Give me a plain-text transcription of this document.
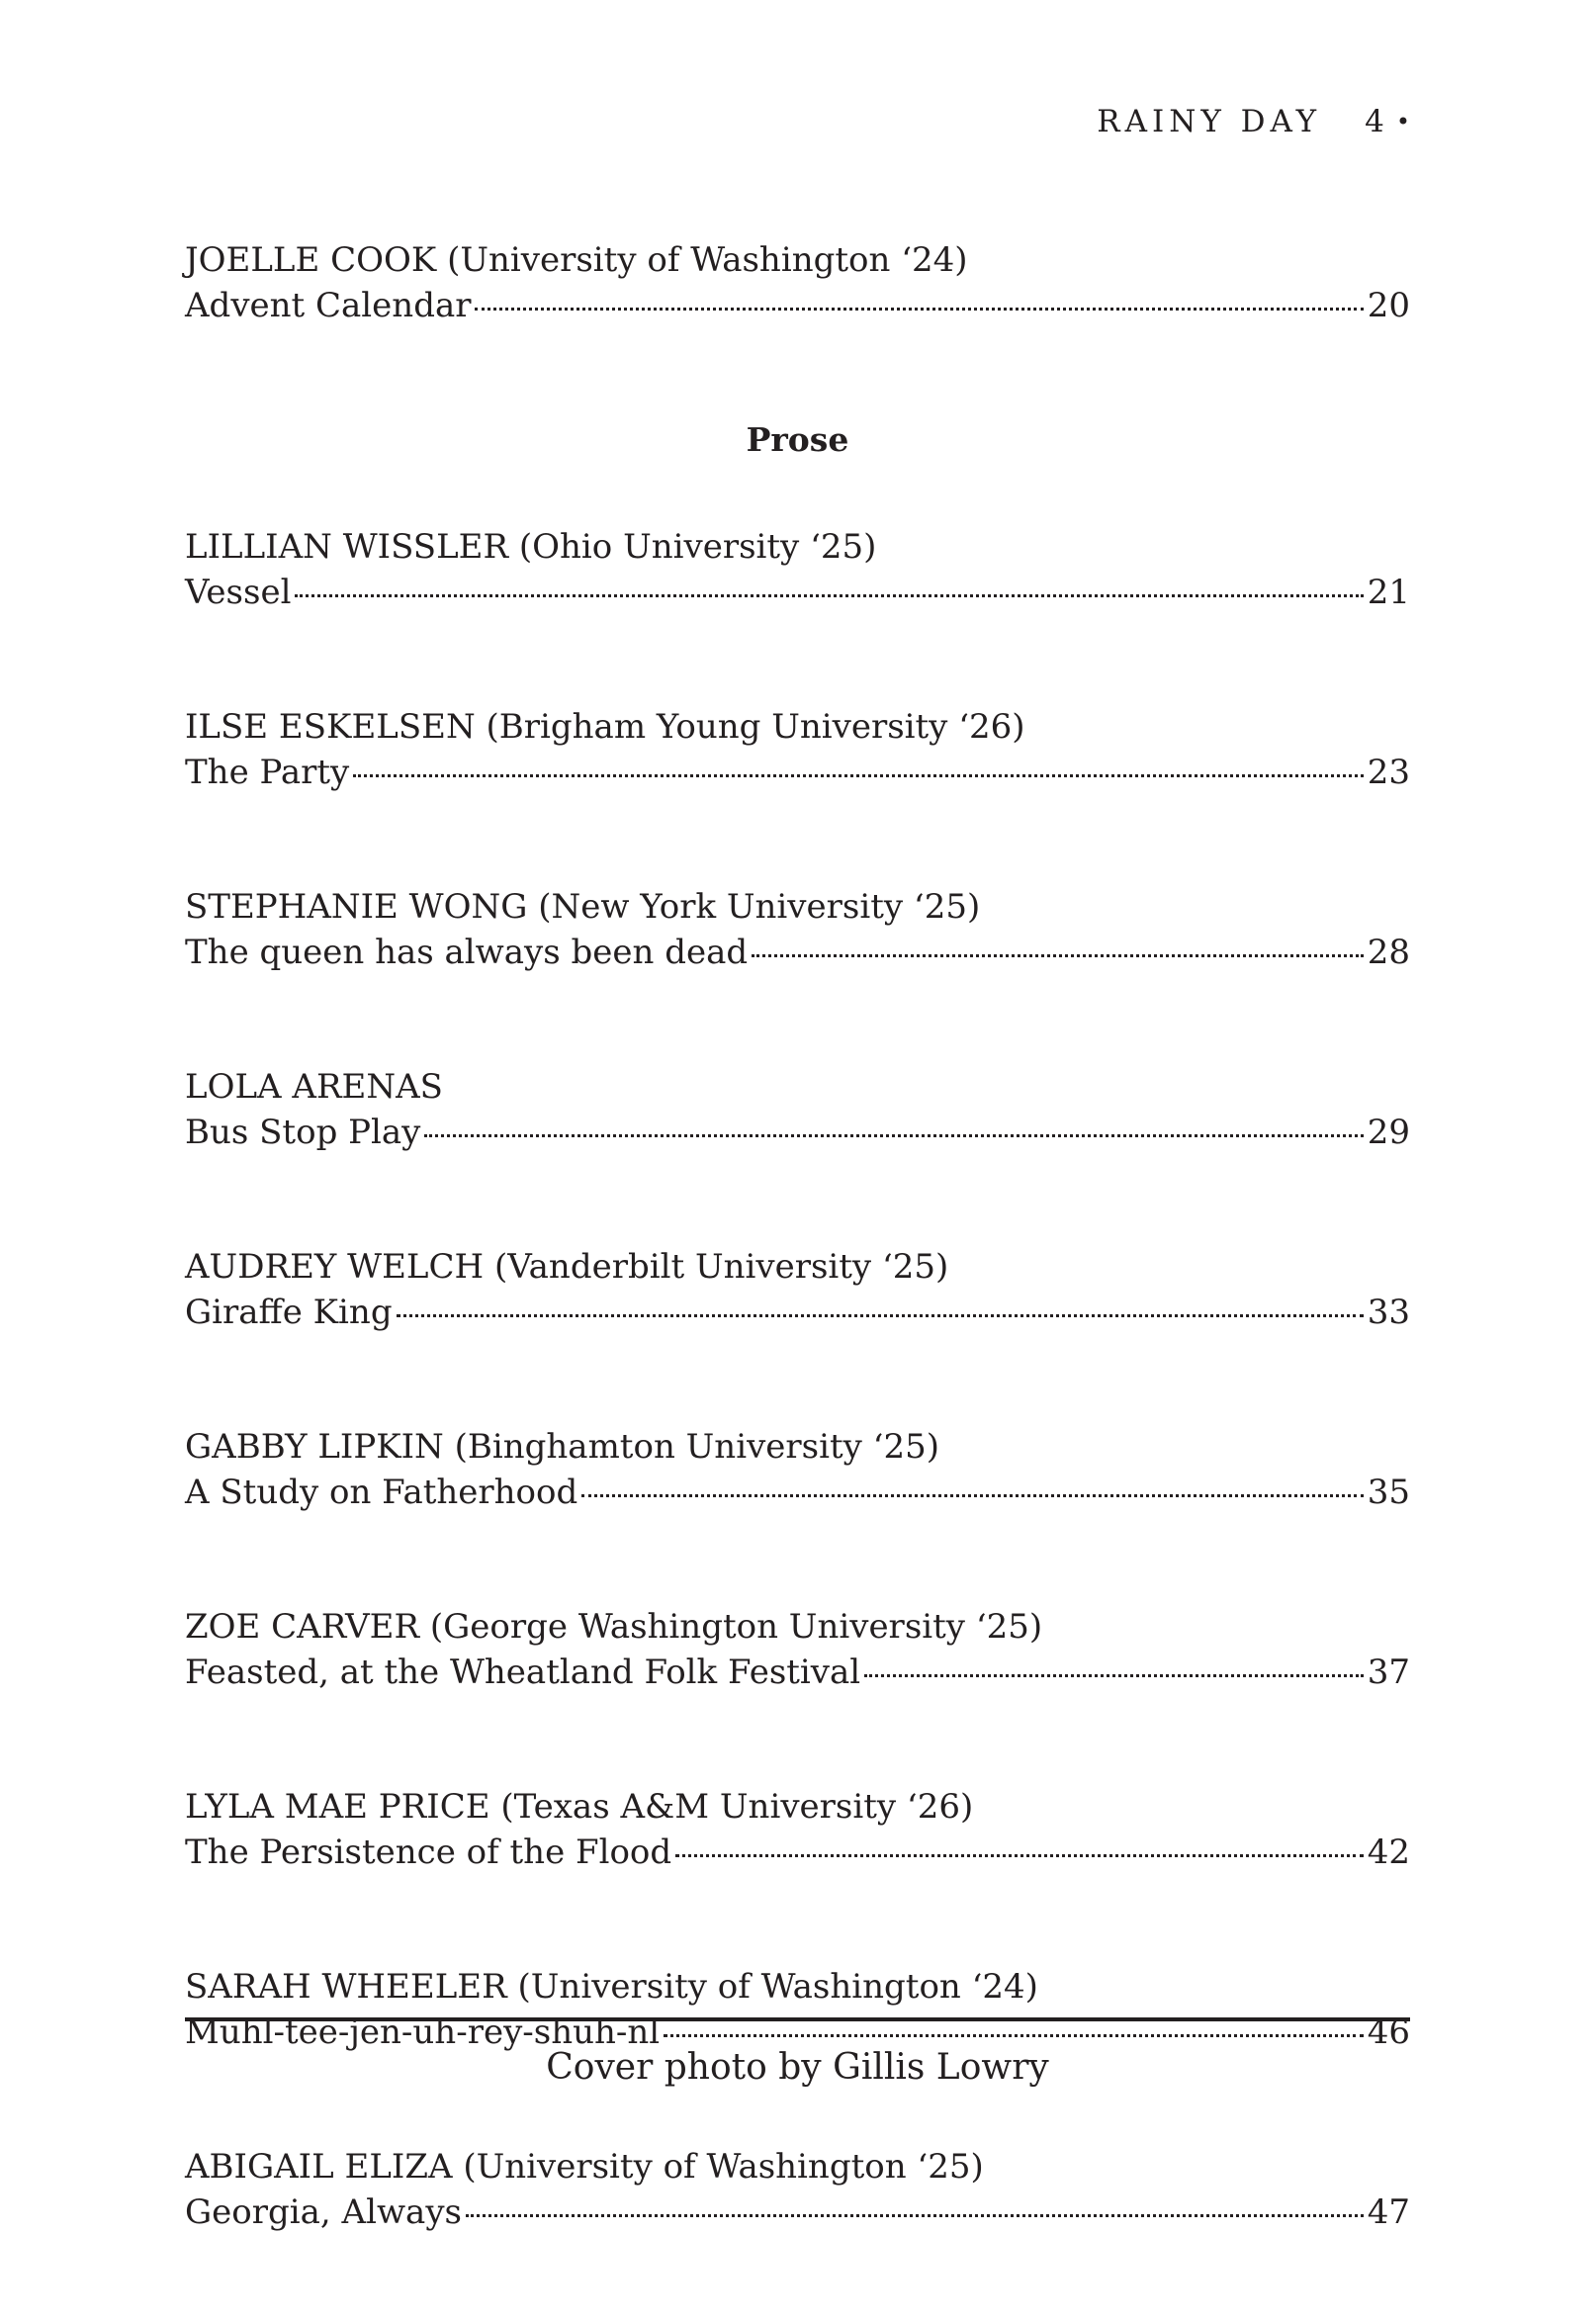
RAINY DAY 4 •
JOELLE COOK (University of Washington ‘24)
Advent Calendar	20
Prose
LILLIAN WISSLER (Ohio University ‘25)
Vessel	21
ILSE ESKELSEN (Brigham Young University ‘26)
The Party	23
STEPHANIE WONG (New York University ‘25)
The queen has always been dead	28
LOLA ARENAS
Bus Stop Play	29
AUDREY WELCH (Vanderbilt University ‘25)
Giraffe King	33
GABBY LIPKIN (Binghamton University ‘25)
A Study on Fatherhood	35
ZOE CARVER (George Washington University ‘25)
Feasted, at the Wheatland Folk Festival	37
LYLA MAE PRICE (Texas A&M University ‘26)
The Persistence of the Flood	42
SARAH WHEELER (University of Washington ‘24)
Muhl-tee-jen-uh-rey-shuh-nl	46
ABIGAIL ELIZA (University of Washington ‘25)
Georgia, Always	47
Cover photo by Gillis Lowry
